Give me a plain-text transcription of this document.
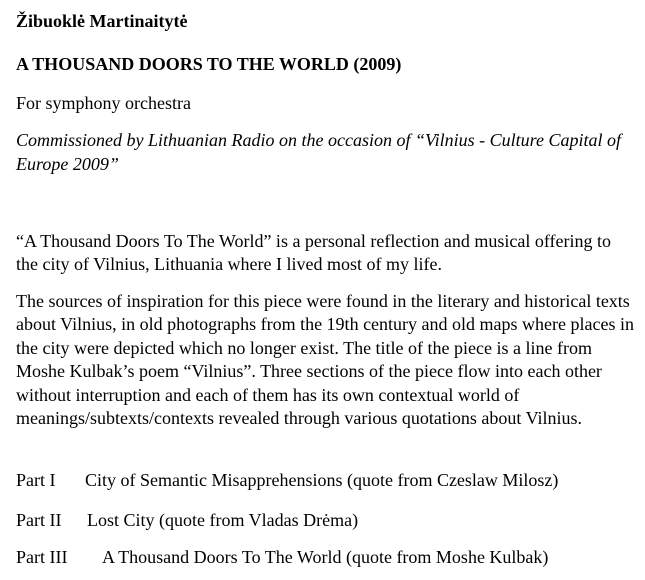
Žibuoklė Martinaitytė
A THOUSAND DOORS TO THE WORLD (2009)
For symphony orchestra
Commissioned by Lithuanian Radio on the occasion of “Vilnius - Culture Capital of Europe 2009”
“A Thousand Doors To The World” is a personal reflection and musical offering to the city of Vilnius, Lithuania where I lived most of my life.
The sources of inspiration for this piece were found in the literary and historical texts about Vilnius, in old photographs from the 19th century and old maps where places in the city were depicted which no longer exist. The title of the piece is a line from Moshe Kulbak’s poem “Vilnius”. Three sections of the piece flow into each other without interruption and each of them has its own contextual world of meanings/subtexts/contexts revealed through various quotations about Vilnius.
Part I City of Semantic Misapprehensions (quote from Czeslaw Milosz)
Part II Lost City (quote from Vladas Drėma)
Part III A Thousand Doors To The World (quote from Moshe Kulbak)
